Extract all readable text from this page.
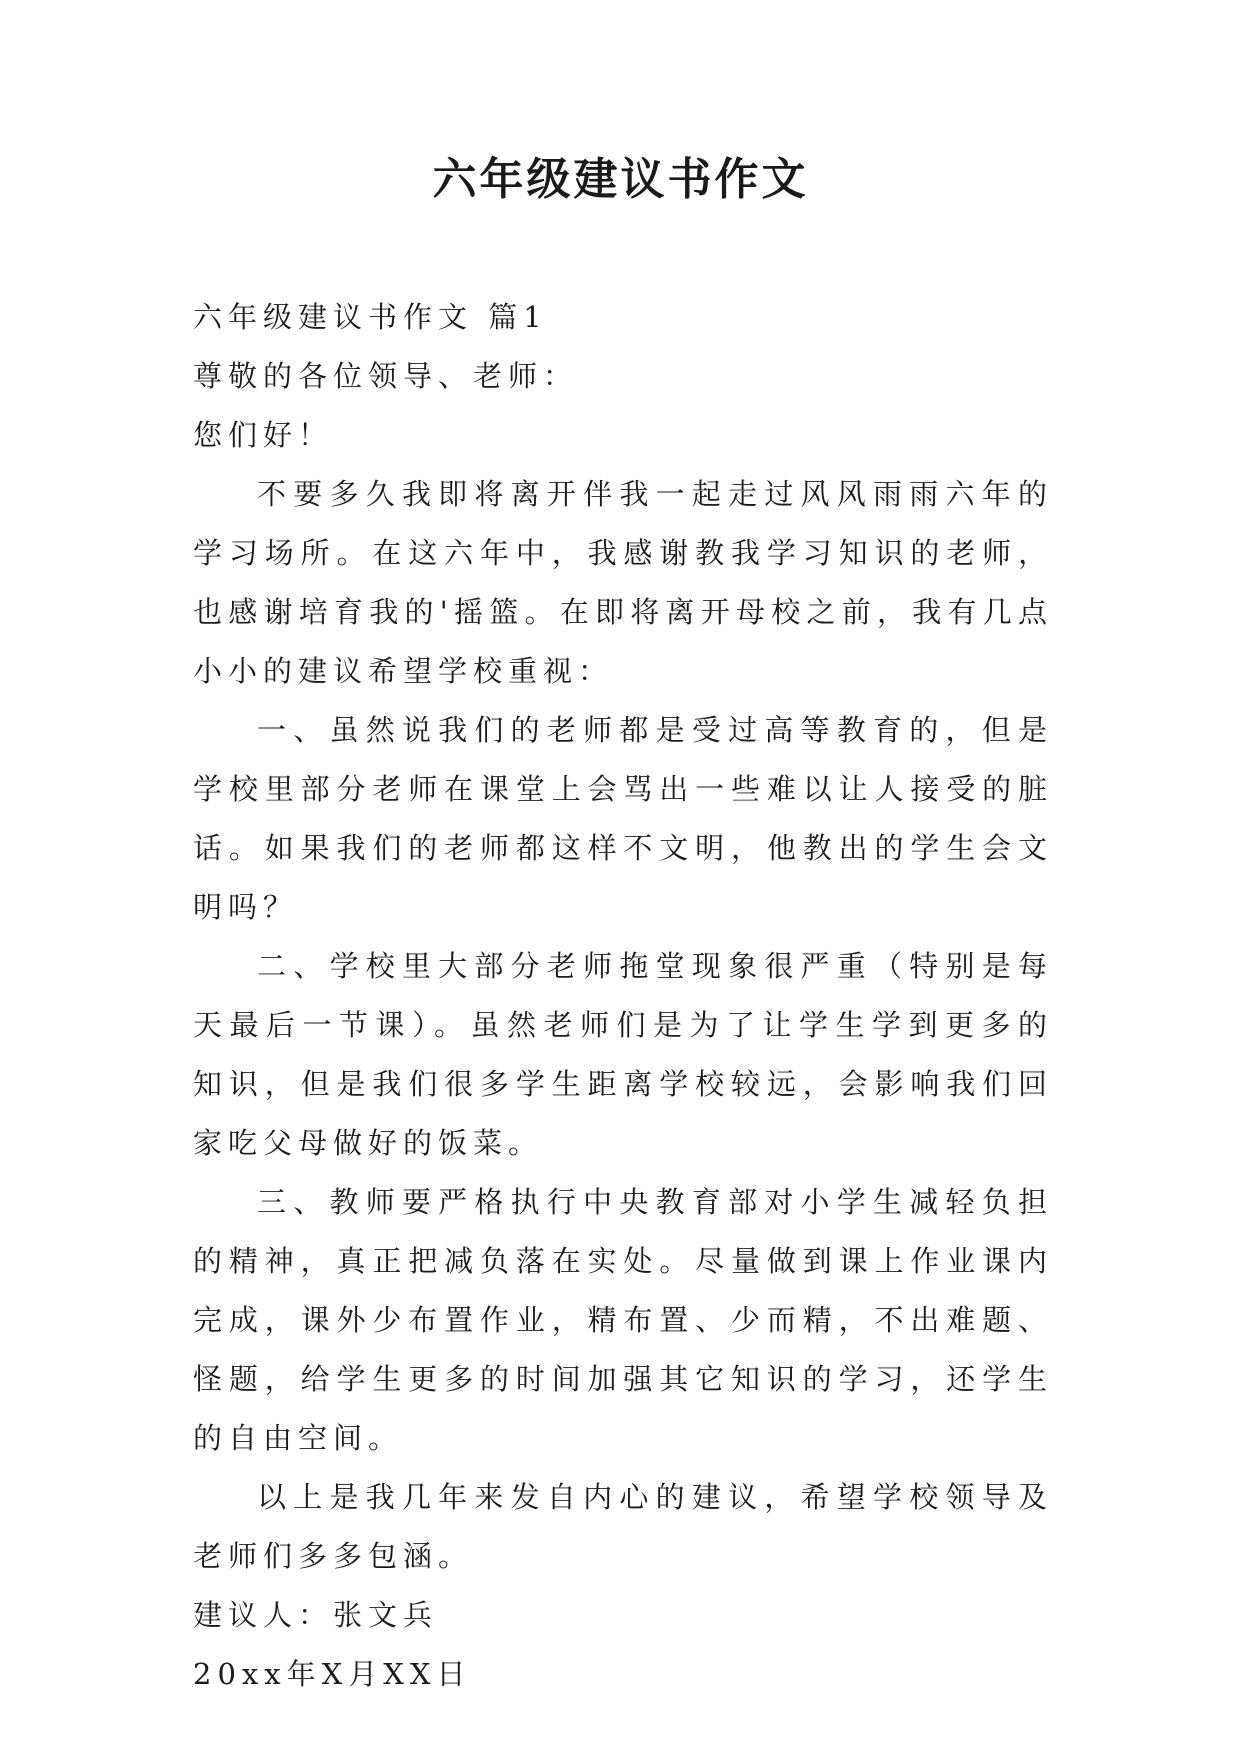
六年级建议书作文

六年级建议书作文 篇1

尊敬的各位领导、老师：

您们好！

不要多久我即将离开伴我一起走过风风雨雨六年的学习场所。在这六年中，我感谢教我学习知识的老师，也感谢培育我的'摇篮。在即将离开母校之前，我有几点小小的建议希望学校重视：

一、虽然说我们的老师都是受过高等教育的，但是学校里部分老师在课堂上会骂出一些难以让人接受的脏话。如果我们的老师都这样不文明，他教出的学生会文明吗？

二、学校里大部分老师拖堂现象很严重（特别是每天最后一节课）。虽然老师们是为了让学生学到更多的知识，但是我们很多学生距离学校较远，会影响我们回家吃父母做好的饭菜。

三、教师要严格执行中央教育部对小学生减轻负担的精神，真正把减负落在实处。尽量做到课上作业课内完成，课外少布置作业，精布置、少而精，不出难题、怪题，给学生更多的时间加强其它知识的学习，还学生的自由空间。

以上是我几年来发自内心的建议，希望学校领导及老师们多多包涵。

建议人：张文兵

20xx年X月XX日
